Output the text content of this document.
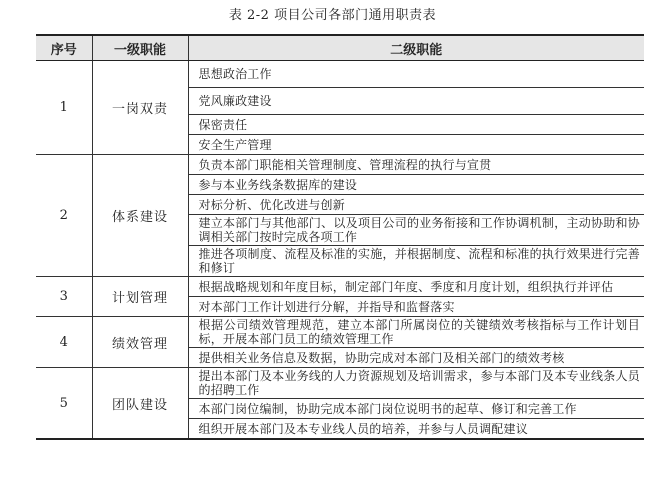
表 2-2 项目公司各部门通用职责表
序号	一级职能	二级职能
1	一岗双责	思想政治工作
		党风廉政建设
		保密责任
		安全生产管理
2	体系建设	负责本部门职能相关管理制度、管理流程的执行与宣贯
		参与本业务线条数据库的建设
		对标分析、优化改进与创新
		建立本部门与其他部门、以及项目公司的业务衔接和工作协调机制，主动协助和协调相关部门按时完成各项工作
		推进各项制度、流程及标准的实施，并根据制度、流程和标准的执行效果进行完善和修订
3	计划管理	根据战略规划和年度目标，制定部门年度、季度和月度计划，组织执行并评估
		对本部门工作计划进行分解，并指导和监督落实
4	绩效管理	根据公司绩效管理规范，建立本部门所属岗位的关键绩效考核指标与工作计划目标，开展本部门员工的绩效管理工作
		提供相关业务信息及数据，协助完成对本部门及相关部门的绩效考核
5	团队建设	提出本部门及本业务线的人力资源规划及培训需求，参与本部门及本专业线条人员的招聘工作
		本部门岗位编制，协助完成本部门岗位说明书的起草、修订和完善工作
		组织开展本部门及本专业线人员的培养，并参与人员调配建议
